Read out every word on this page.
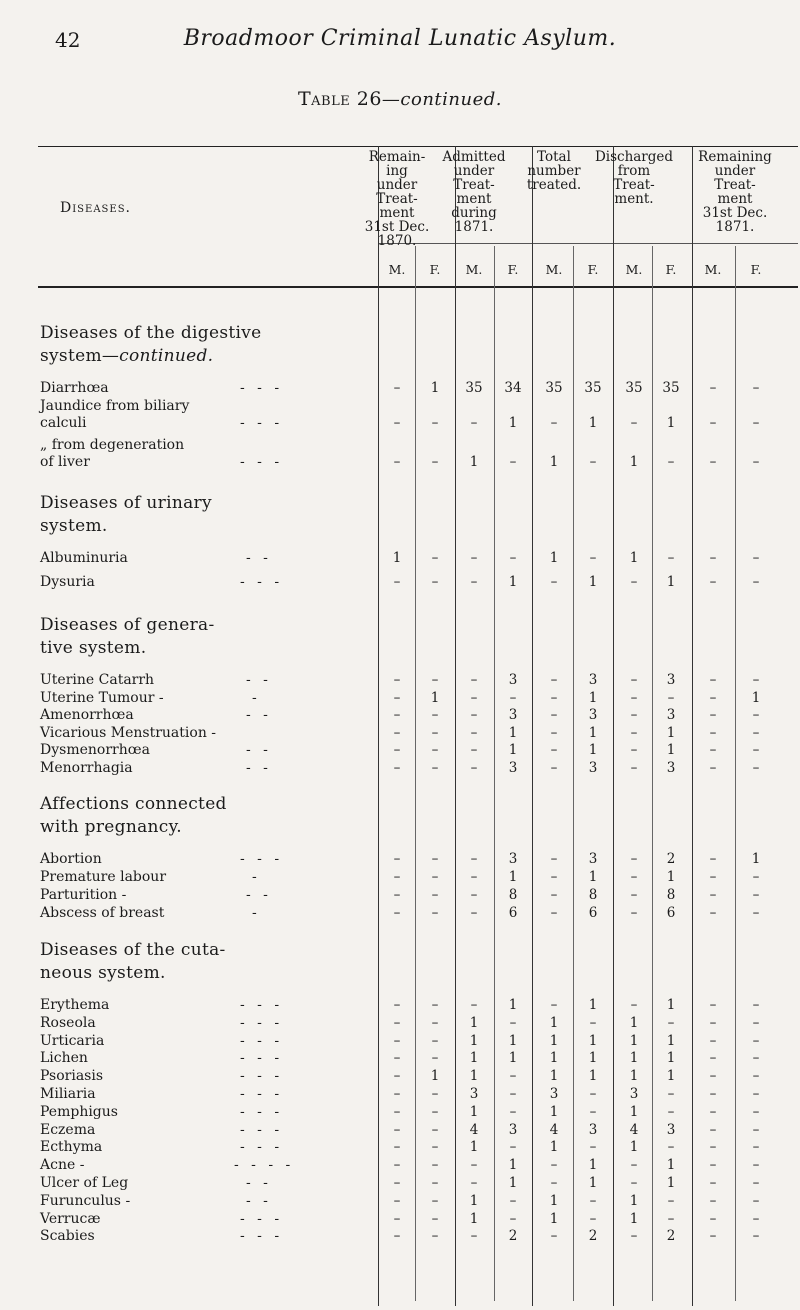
42	Broadmoor Criminal Lunatic Asylum.
Table 26—continued.
Diseases.
Remain-
ing
under
Treat-
ment
31st Dec.
1870.
Admitted
under
Treat-
ment
during
1871.
Total
number
treated.
Discharged
from
Treat-
ment.
Remaining
under
Treat-
ment
31st Dec.
1871.
M.	F.	M.	F.	M.	F.	M.	F.	M.	F.
Diseases of the digestive
system—continued.
Diarrhœa	- - -	–	1	35	34	35	35	35	35	–	–
Jaundice from biliary
calculi	- - -	–	–	–	1	–	1	–	1	–	–
„ from degeneration
of liver	- - -	–	–	1	–	1	–	1	–	–	–
Diseases of urinary
system.
Albuminuria	- -	1	–	–	–	1	–	1	–	–	–
Dysuria	- - -	–	–	–	1	–	1	–	1	–	–
Diseases of genera-
tive system.
Uterine Catarrh	- -	–	–	–	3	–	3	–	3	–	–
Uterine Tumour -	-	–	1	–	–	–	1	–	–	–	1
Amenorrhœa	- -	–	–	–	3	–	3	–	3	–	–
Vicarious Menstruation -	–	–	–	1	–	1	–	1	–	–
Dysmenorrhœa	- -	–	–	–	1	–	1	–	1	–	–
Menorrhagia	- -	–	–	–	3	–	3	–	3	–	–
Affections connected
with pregnancy.
Abortion	- - -	–	–	–	3	–	3	–	2	–	1
Premature labour	-	–	–	–	1	–	1	–	1	–	–
Parturition -	- -	–	–	–	8	–	8	–	8	–	–
Abscess of breast	-	–	–	–	6	–	6	–	6	–	–
Diseases of the cuta-
neous system.
Erythema	- - -	–	–	–	1	–	1	–	1	–	–
Roseola	- - -	–	–	1	–	1	–	1	–	–	–
Urticaria	- - -	–	–	1	1	1	1	1	1	–	–
Lichen	- - -	–	–	1	1	1	1	1	1	–	–
Psoriasis	- - -	–	1	1	–	1	1	1	1	–	–
Miliaria	- - -	–	–	3	–	3	–	3	–	–	–
Pemphigus	- - -	–	–	1	–	1	–	1	–	–	–
Eczema	- - -	–	–	4	3	4	3	4	3	–	–
Ecthyma	- - -	–	–	1	–	1	–	1	–	–	–
Acne -	- - - -	–	–	–	1	–	1	–	1	–	–
Ulcer of Leg	- -	–	–	–	1	–	1	–	1	–	–
Furunculus -	- -	–	–	1	–	1	–	1	–	–	–
Verrucæ	- - -	–	–	1	–	1	–	1	–	–	–
Scabies	- - -	–	–	–	2	–	2	–	2	–	–
